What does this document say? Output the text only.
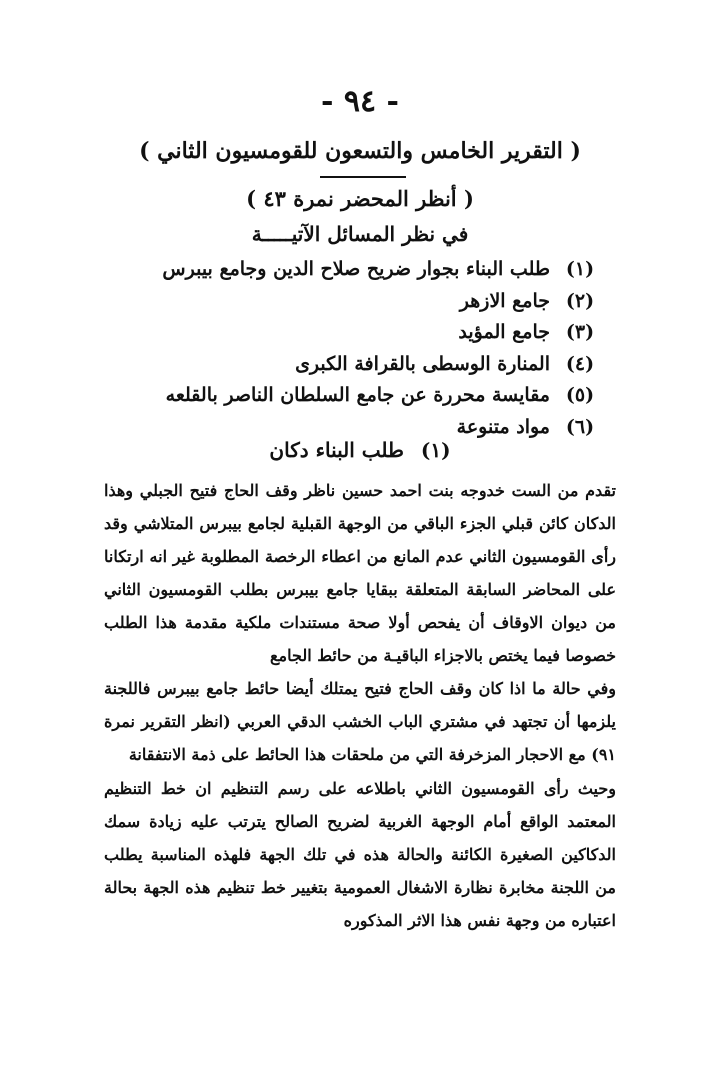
- ٩٤ -
( التقرير الخامس والتسعون للقومسيون الثاني )
( أنظر المحضر نمرة ٤٣ )
في نظر المسائل الآتيـــــة
(١)
طلب البناء بجوار ضريح صلاح الدين وجامع بيبرس
(٢)
جامع الازهر
(٣)
جامع المؤيد
(٤)
المنارة الوسطى بالقرافة الكبرى
(٥)
مقايسة محررة عن جامع السلطان الناصر بالقلعه
(٦)
مواد متنوعة
(١) طلب البناء دكان

تقدم من الست خدوجه بنت احمد حسين ناظر وقف الحاج فتيح الجبلي وهذا الدكان كائن قبلي الجزء الباقي من الوجهة القبلية لجامع بيبرس المتلاشي وقد رأى القومسيون الثاني عدم المانع من اعطاء الرخصة المطلوبة غير انه ارتكانا على المحاضر السابقة المتعلقة ببقايا جامع بيبرس بطلب القومسيون الثاني من ديوان الاوقاف أن يفحص أولا صحة مستندات ملكية مقدمة هذا الطلب خصوصا فيما يختص بالاجزاء الباقيـة من حائط الجامع

وفي حالة ما اذا كان وقف الحاج فتيح يمتلك أيضا حائط جامع بيبرس فاللجنة يلزمها أن تجتهد في مشتري الباب الخشب الدقي العربي (انظر التقرير نمرة ٩١) مع الاحجار المزخرفة التي من ملحقات هذا الحائط على ذمة الانتفقانة

وحيث رأى القومسيون الثاني باطلاعه على رسم التنظيم ان خط التنظيم المعتمد الواقع أمام الوجهة الغربية لضريح الصالح يترتب عليه زيادة سمك الدكاكين الصغيرة الكائنة والحالة هذه في تلك الجهة فلهذه المناسبة يطلب من اللجنة مخابرة نظارة الاشغال العمومية بتغيير خط تنظيم هذه الجهة بحالة اعتباره من وجهة نفس هذا الاثر المذكوره
